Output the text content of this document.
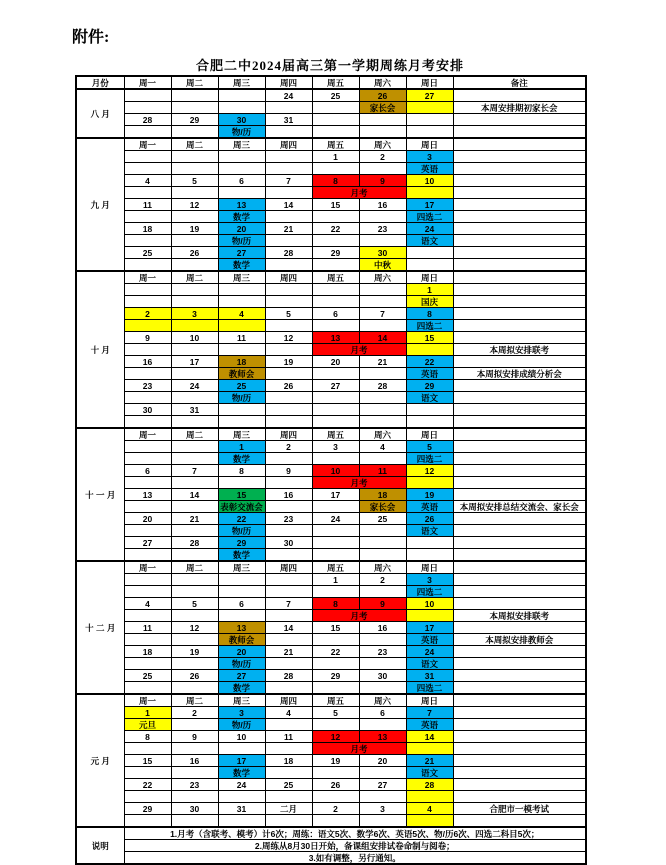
附件:
合肥二中2024届高三第一学期周练月考安排
月份	周一	周二	周三	周四	周五	周六	周日	备注
八 月				24	25	26	27	
						家长会		本周安排期初家长会
	28	29	30	31				
			物/历					
九 月	周一	周二	周三	周四	周五	周六	周日	
					1	2	3	
							英语	
	4	5	6	7	8	9	10	
					月考			
	11	12	13	14	15	16	17	
			数学				四选二	
	18	19	20	21	22	23	24	
			物/历				语文	
	25	26	27	28	29	30		
			数学			中秋		
十 月	周一	周二	周三	周四	周五	周六	周日	
							1	
							国庆	
	2	3	4	5	6	7	8	
							四选二	
	9	10	11	12	13	14	15	
					月考			本周拟安排联考
	16	17	18	19	20	21	22	
			教师会				英语	本周拟安排成绩分析会
	23	24	25	26	27	28	29	
			物/历				语文	
	30	31						

十 一 月	周一	周二	周三	周四	周五	周六	周日	
			1	2	3	4	5	
			数学				四选二	
	6	7	8	9	10	11	12	
					月考			
	13	14	15	16	17	18	19	
			表彰交流会			家长会	英语	本周拟安排总结交流会、家长会
	20	21	22	23	24	25	26	
			物/历				语文	
	27	28	29	30				
			数学					
十 二 月	周一	周二	周三	周四	周五	周六	周日	
					1	2	3	
							四选二	
	4	5	6	7	8	9	10	
					月考			本周拟安排联考
	11	12	13	14	15	16	17	
			教师会				英语	本周拟安排教师会
	18	19	20	21	22	23	24	
			物/历				语文	
	25	26	27	28	29	30	31	
			数学				四选二	
元 月	周一	周二	周三	周四	周五	周六	周日	
	1	2	3	4	5	6	7	
	元旦		物/历				英语	
	8	9	10	11	12	13	14	
					月考			
	15	16	17	18	19	20	21	
			数学				语文	
	22	23	24	25	26	27	28	

	29	30	31	二月	2	3	4	合肥市一模考试

说明	1.月考（含联考、模考）计6次；周练：语文5次、数学6次、英语5次、物/历6次、四选二科目5次；							
	2.周练从8月30日开始，备课组安排试卷命制与阅卷；							
	3.如有调整，另行通知。							
